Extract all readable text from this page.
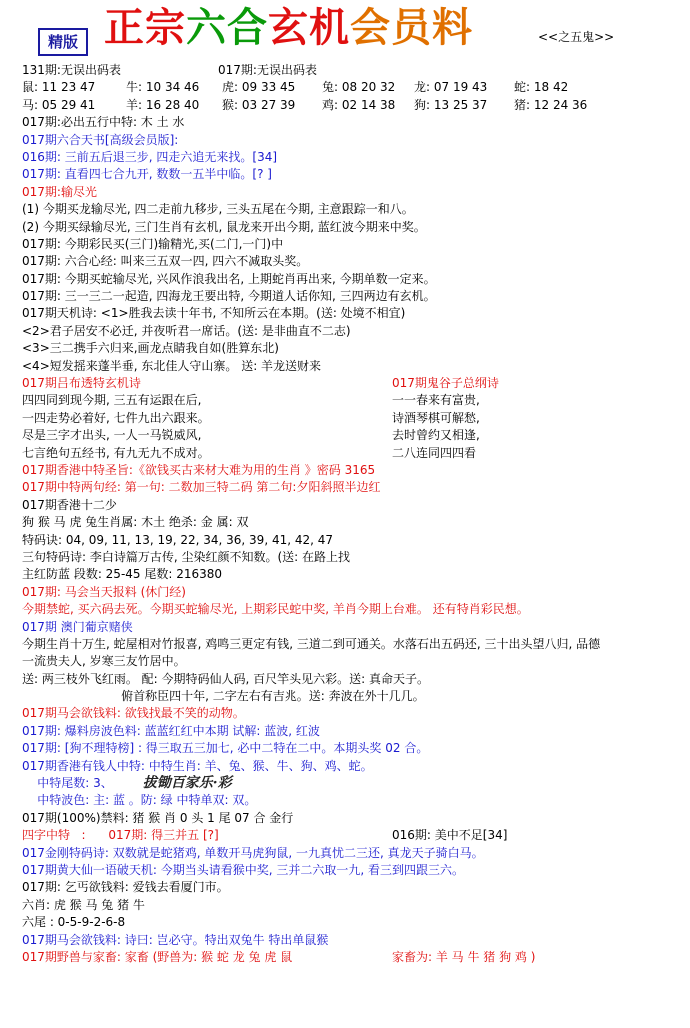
精版 正宗六合玄机会员料	<<之五鬼>>
131期:无误出码表	017期:无误出码表
鼠: 11 23 47	牛: 10 34 46 虎: 09 33 45 兔: 08 20 32 龙: 07 19 43 蛇: 18 42
马: 05 29 41	羊: 16 28 40 猴: 03 27 39 鸡: 02 14 38 狗: 13 25 37 猪: 12 24 36
017期:必出五行中特: 木 土 水
017期六合天书[高级会员版]:
016期: 三前五后退三步, 四走六追无来找。[34]
017期: 直看四七合九开, 数数一五半中临。[? ]
017期:输尽光
(1) 今期买龙输尽光, 四二走前九移步, 三头五尾在今期, 主意跟踪一和八。
(2) 今期买绿输尽光, 三门生肖有玄机, 鼠龙来开出今期, 蓝红波今期来中奖。
017期: 今期彩民买(三门)输精光,买(二门,一门)中
017期: 六合心经: 叫来三五双一四, 四六不减取头奖。
017期: 今期买蛇输尽光, 兴风作浪我出名, 上期蛇肖再出来, 今期单数一定来。
017期: 三一三二一起造, 四海龙王要出特, 今期道人话你知, 三四两边有玄机。
017期天机诗: <1>胜我去读十年书, 不知所云在本期。(送: 处境不相宜)
<2>君子居安不必迁, 并夜听君一席话。(送: 是非曲直不二志)
<3>三二携手六归来,画龙点睛我自如(胜算东北)
<4>短发摇来蓬半垂, 东北佳人守山寨。 送: 羊龙送财来
017期吕布透特玄机诗	017期鬼谷子总纲诗
四四同到现今期, 三五有运跟在后,	一一春来有富贵,
一四走势必着好, 七件九出六跟来。	诗酒琴棋可解愁,
尽是三字才出头, 一人一马锐威风,	去时曾约又相逢,
七言绝句五经书, 有九无九不成对。	二八连同四四看
017期香港中特圣旨:《欲钱买古来材大难为用的生肖 》密码 3165
017期中特两句经: 第一句: 二数加三特二码 第二句:夕阳斜照半边红
017期香港十二少
狗 猴 马 虎 兔生肖属: 木土 绝杀: 金 属: 双
特码诀: 04, 09, 11, 13, 19, 22, 34, 36, 39, 41, 42, 47
三句特码诗: 李白诗篇万古传, 尘染红颜不知数。(送: 在路上找
主红防蓝 段数: 25-45 尾数: 216380
017期: 马会当天报料 (休门经)
今期禁蛇, 买六码去死。今期买蛇输尽光, 上期彩民蛇中奖, 羊肖今期上台难。 还有特肖彩民想。
017期 澳门葡京赌侠
今期生肖十万生, 蛇屋相对竹报喜, 鸡鸣三更定有钱, 三道二到可通关。水落石出五码还, 三十出头望八归, 品德
一流贵夫人, 岁寒三友竹居中。
送: 两三枝外飞红雨。 配: 今期特码仙人码, 百尺竿头见六彩。送: 真命天子。
俯首称臣四十年, 二字左右有吉兆。送: 奔波在外十几几。
017期马会欲钱料: 欲钱找最不笑的动物。
017期: 爆料房波色料: 蓝蓝红红中本期 试解: 蓝波, 红波
017期: [狗不理特榜] : 得三取五三加七, 必中二特在二中。本期头奖 02 合。
017期香港有钱人中特: 中特生肖: 羊、兔、猴、牛、狗、鸡、蛇。
中特尾数: 3、 拔锄百家乐·彩
中特波色: 主: 蓝 。防: 绿 中特单双: 双。
017期(100%)禁料: 猪 猴 肖 0 头 1 尾 07 合 金行
四字中特   :      017期: 得三并五 [?]	016期: 美中不足[34]
017金刚特码诗: 双数就是蛇猪鸡, 单数开马虎狗鼠, 一九真忧二三还, 真龙天子骑白马。
017期黄大仙一语破天机: 今期当头请看猴中奖, 三并二六取一九, 看三到四跟三六。
017期: 乞丐欲钱料: 爱钱去看厦门市。
六肖: 虎 猴 马 兔 猪 牛
六尾 : 0-5-9-2-6-8
017期马会欲钱料: 诗曰: 岂必守。特出双兔牛 特出单鼠猴
017期野兽与家畜: 家畜 (野兽为: 猴 蛇 龙 兔 虎 鼠	家畜为: 羊 马 牛 猪 狗 鸡 )
